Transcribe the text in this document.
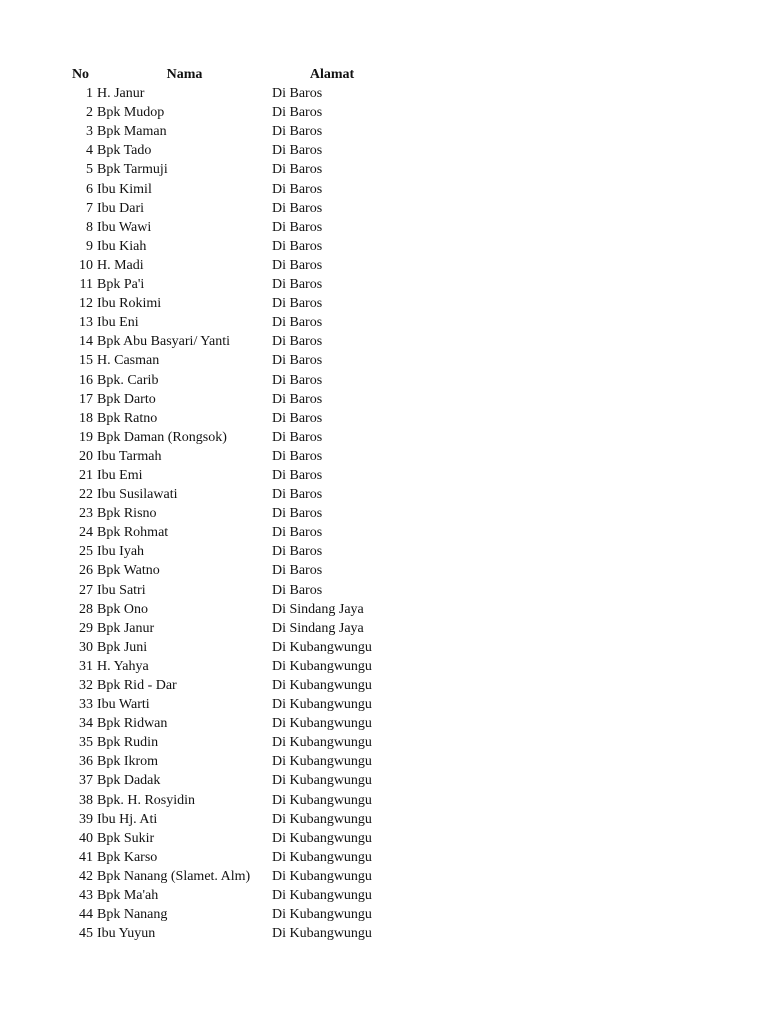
No	Nama	Alamat
1	H. Janur	Di Baros
2	Bpk Mudop	Di Baros
3	Bpk Maman	Di Baros
4	Bpk Tado	Di Baros
5	Bpk Tarmuji	Di Baros
6	Ibu Kimil	Di Baros
7	Ibu Dari	Di Baros
8	Ibu Wawi	Di Baros
9	Ibu Kiah	Di Baros
10	H. Madi	Di Baros
11	Bpk Pa'i	Di Baros
12	Ibu Rokimi	Di Baros
13	Ibu Eni	Di Baros
14	Bpk Abu Basyari/ Yanti	Di Baros
15	H. Casman	Di Baros
16	Bpk. Carib	Di Baros
17	Bpk Darto	Di Baros
18	Bpk Ratno	Di Baros
19	Bpk Daman (Rongsok)	Di Baros
20	Ibu Tarmah	Di Baros
21	Ibu Emi	Di Baros
22	Ibu Susilawati	Di Baros
23	Bpk Risno	Di Baros
24	Bpk Rohmat	Di Baros
25	Ibu Iyah	Di Baros
26	Bpk Watno	Di Baros
27	Ibu Satri	Di Baros
28	Bpk Ono	Di Sindang Jaya
29	Bpk Janur	Di Sindang Jaya
30	Bpk Juni	Di Kubangwungu
31	H. Yahya	Di Kubangwungu
32	Bpk Rid - Dar	Di Kubangwungu
33	Ibu Warti	Di Kubangwungu
34	Bpk Ridwan	Di Kubangwungu
35	Bpk Rudin	Di Kubangwungu
36	Bpk Ikrom	Di Kubangwungu
37	Bpk Dadak	Di Kubangwungu
38	Bpk. H. Rosyidin	Di Kubangwungu
39	Ibu Hj. Ati	Di Kubangwungu
40	Bpk Sukir	Di Kubangwungu
41	Bpk Karso	Di Kubangwungu
42	Bpk Nanang (Slamet. Alm)	Di Kubangwungu
43	Bpk Ma'ah	Di Kubangwungu
44	Bpk Nanang	Di Kubangwungu
45	Ibu Yuyun	Di Kubangwungu
